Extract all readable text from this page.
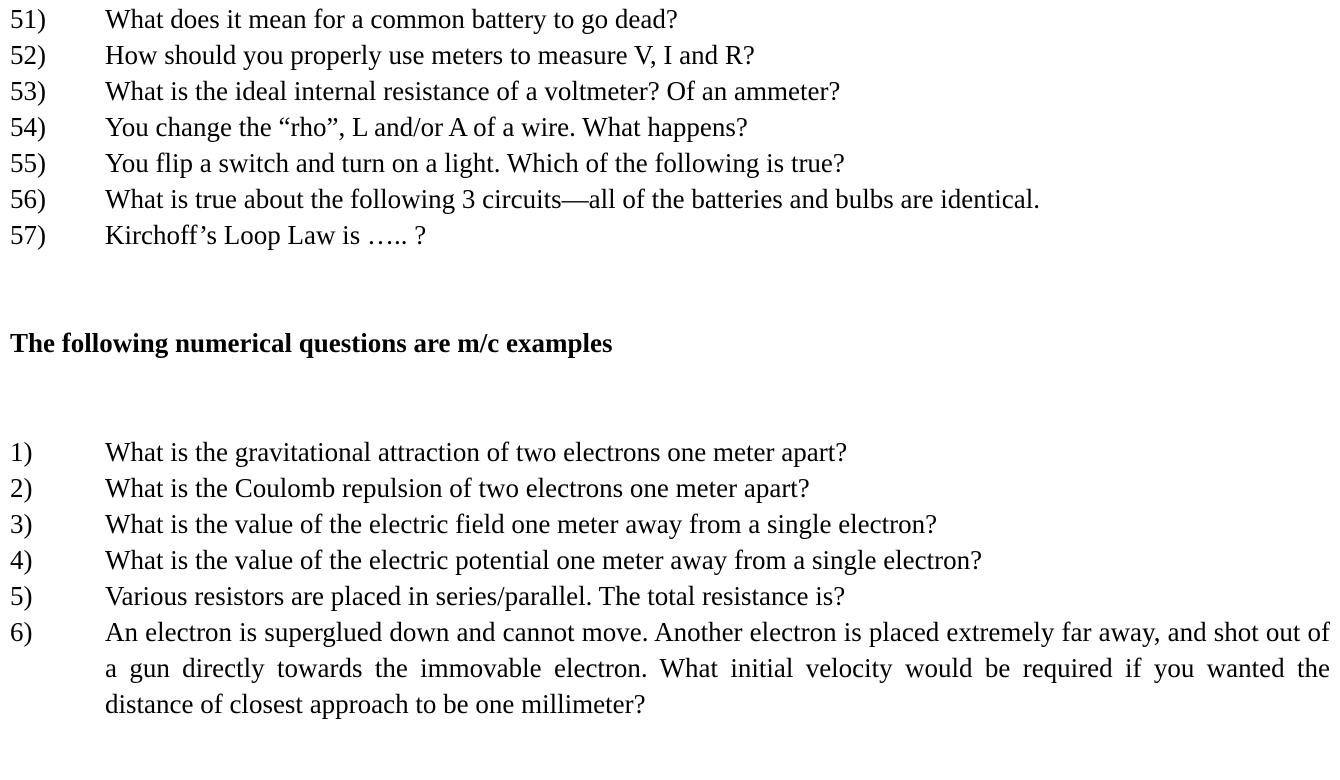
51)	What does it mean for a common battery to go dead?
52)	How should you properly use meters to measure V, I and R?
53)	What is the ideal internal resistance of a voltmeter? Of an ammeter?
54)	You change the “rho”, L and/or A of a wire. What happens?
55)	You flip a switch and turn on a light. Which of the following is true?
56)	What is true about the following 3 circuits—all of the batteries and bulbs are identical.
57)	Kirchoff’s Loop Law is ….. ?
The following numerical questions are m/c examples
1)	What is the gravitational attraction of two electrons one meter apart?
2)	What is the Coulomb repulsion of two electrons one meter apart?
3)	What is the value of the electric field one meter away from a single electron?
4)	What is the value of the electric potential one meter away from a single electron?
5)	Various resistors are placed in series/parallel. The total resistance is?
6)	An electron is superglued down and cannot move. Another electron is placed extremely far away, and shot out of a gun directly towards the immovable electron. What initial velocity would be required if you wanted the distance of closest approach to be one millimeter?
